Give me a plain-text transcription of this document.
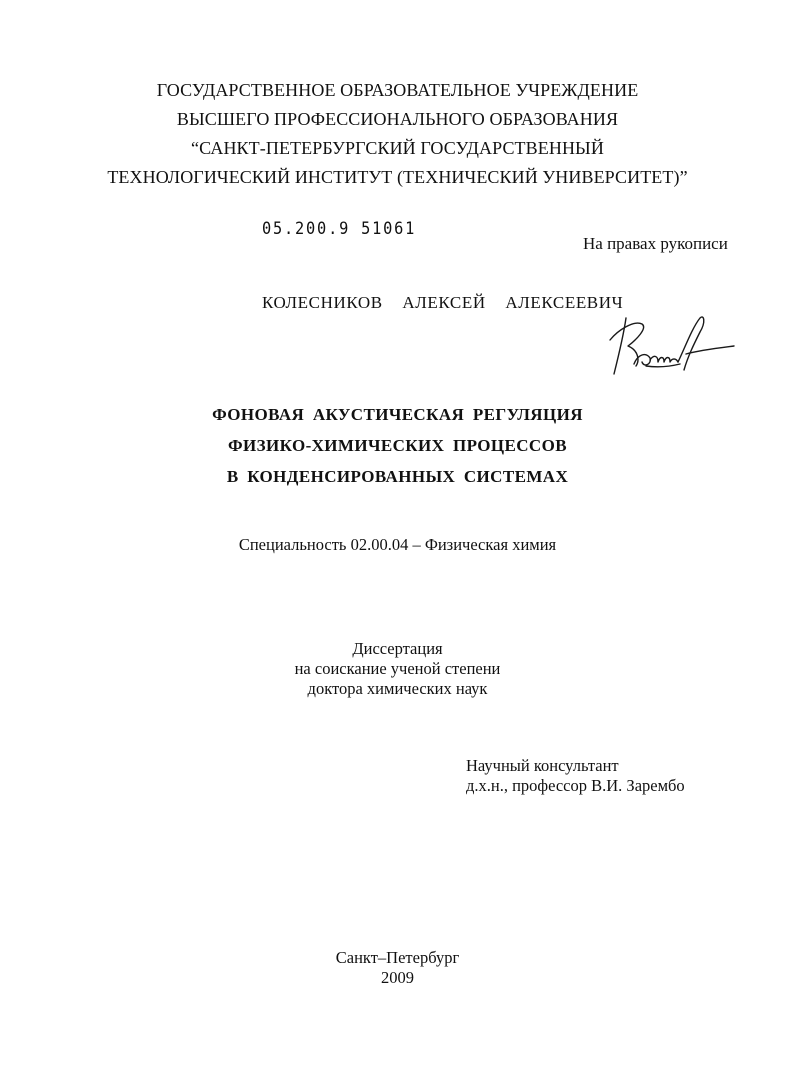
ГОСУДАРСТВЕННОЕ ОБРАЗОВАТЕЛЬНОЕ УЧРЕЖДЕНИЕ
ВЫСШЕГО ПРОФЕССИОНАЛЬНОГО ОБРАЗОВАНИЯ
“САНКТ-ПЕТЕРБУРГСКИЙ ГОСУДАРСТВЕННЫЙ
ТЕХНОЛОГИЧЕСКИЙ ИНСТИТУТ (ТЕХНИЧЕСКИЙ УНИВЕРСИТЕТ)”
05.200.9 51061
На правах рукописи
КОЛЕСНИКОВ  АЛЕКСЕЙ  АЛЕКСЕЕВИЧ
ФОНОВАЯ АКУСТИЧЕСКАЯ РЕГУЛЯЦИЯ
ФИЗИКО-ХИМИЧЕСКИХ ПРОЦЕССОВ
В КОНДЕНСИРОВАННЫХ СИСТЕМАХ
Специальность 02.00.04 – Физическая химия
Диссертация
на соискание ученой степени
доктора химических наук
Научный консультант
д.х.н., профессор В.И. Зарембо
Санкт–Петербург
2009
